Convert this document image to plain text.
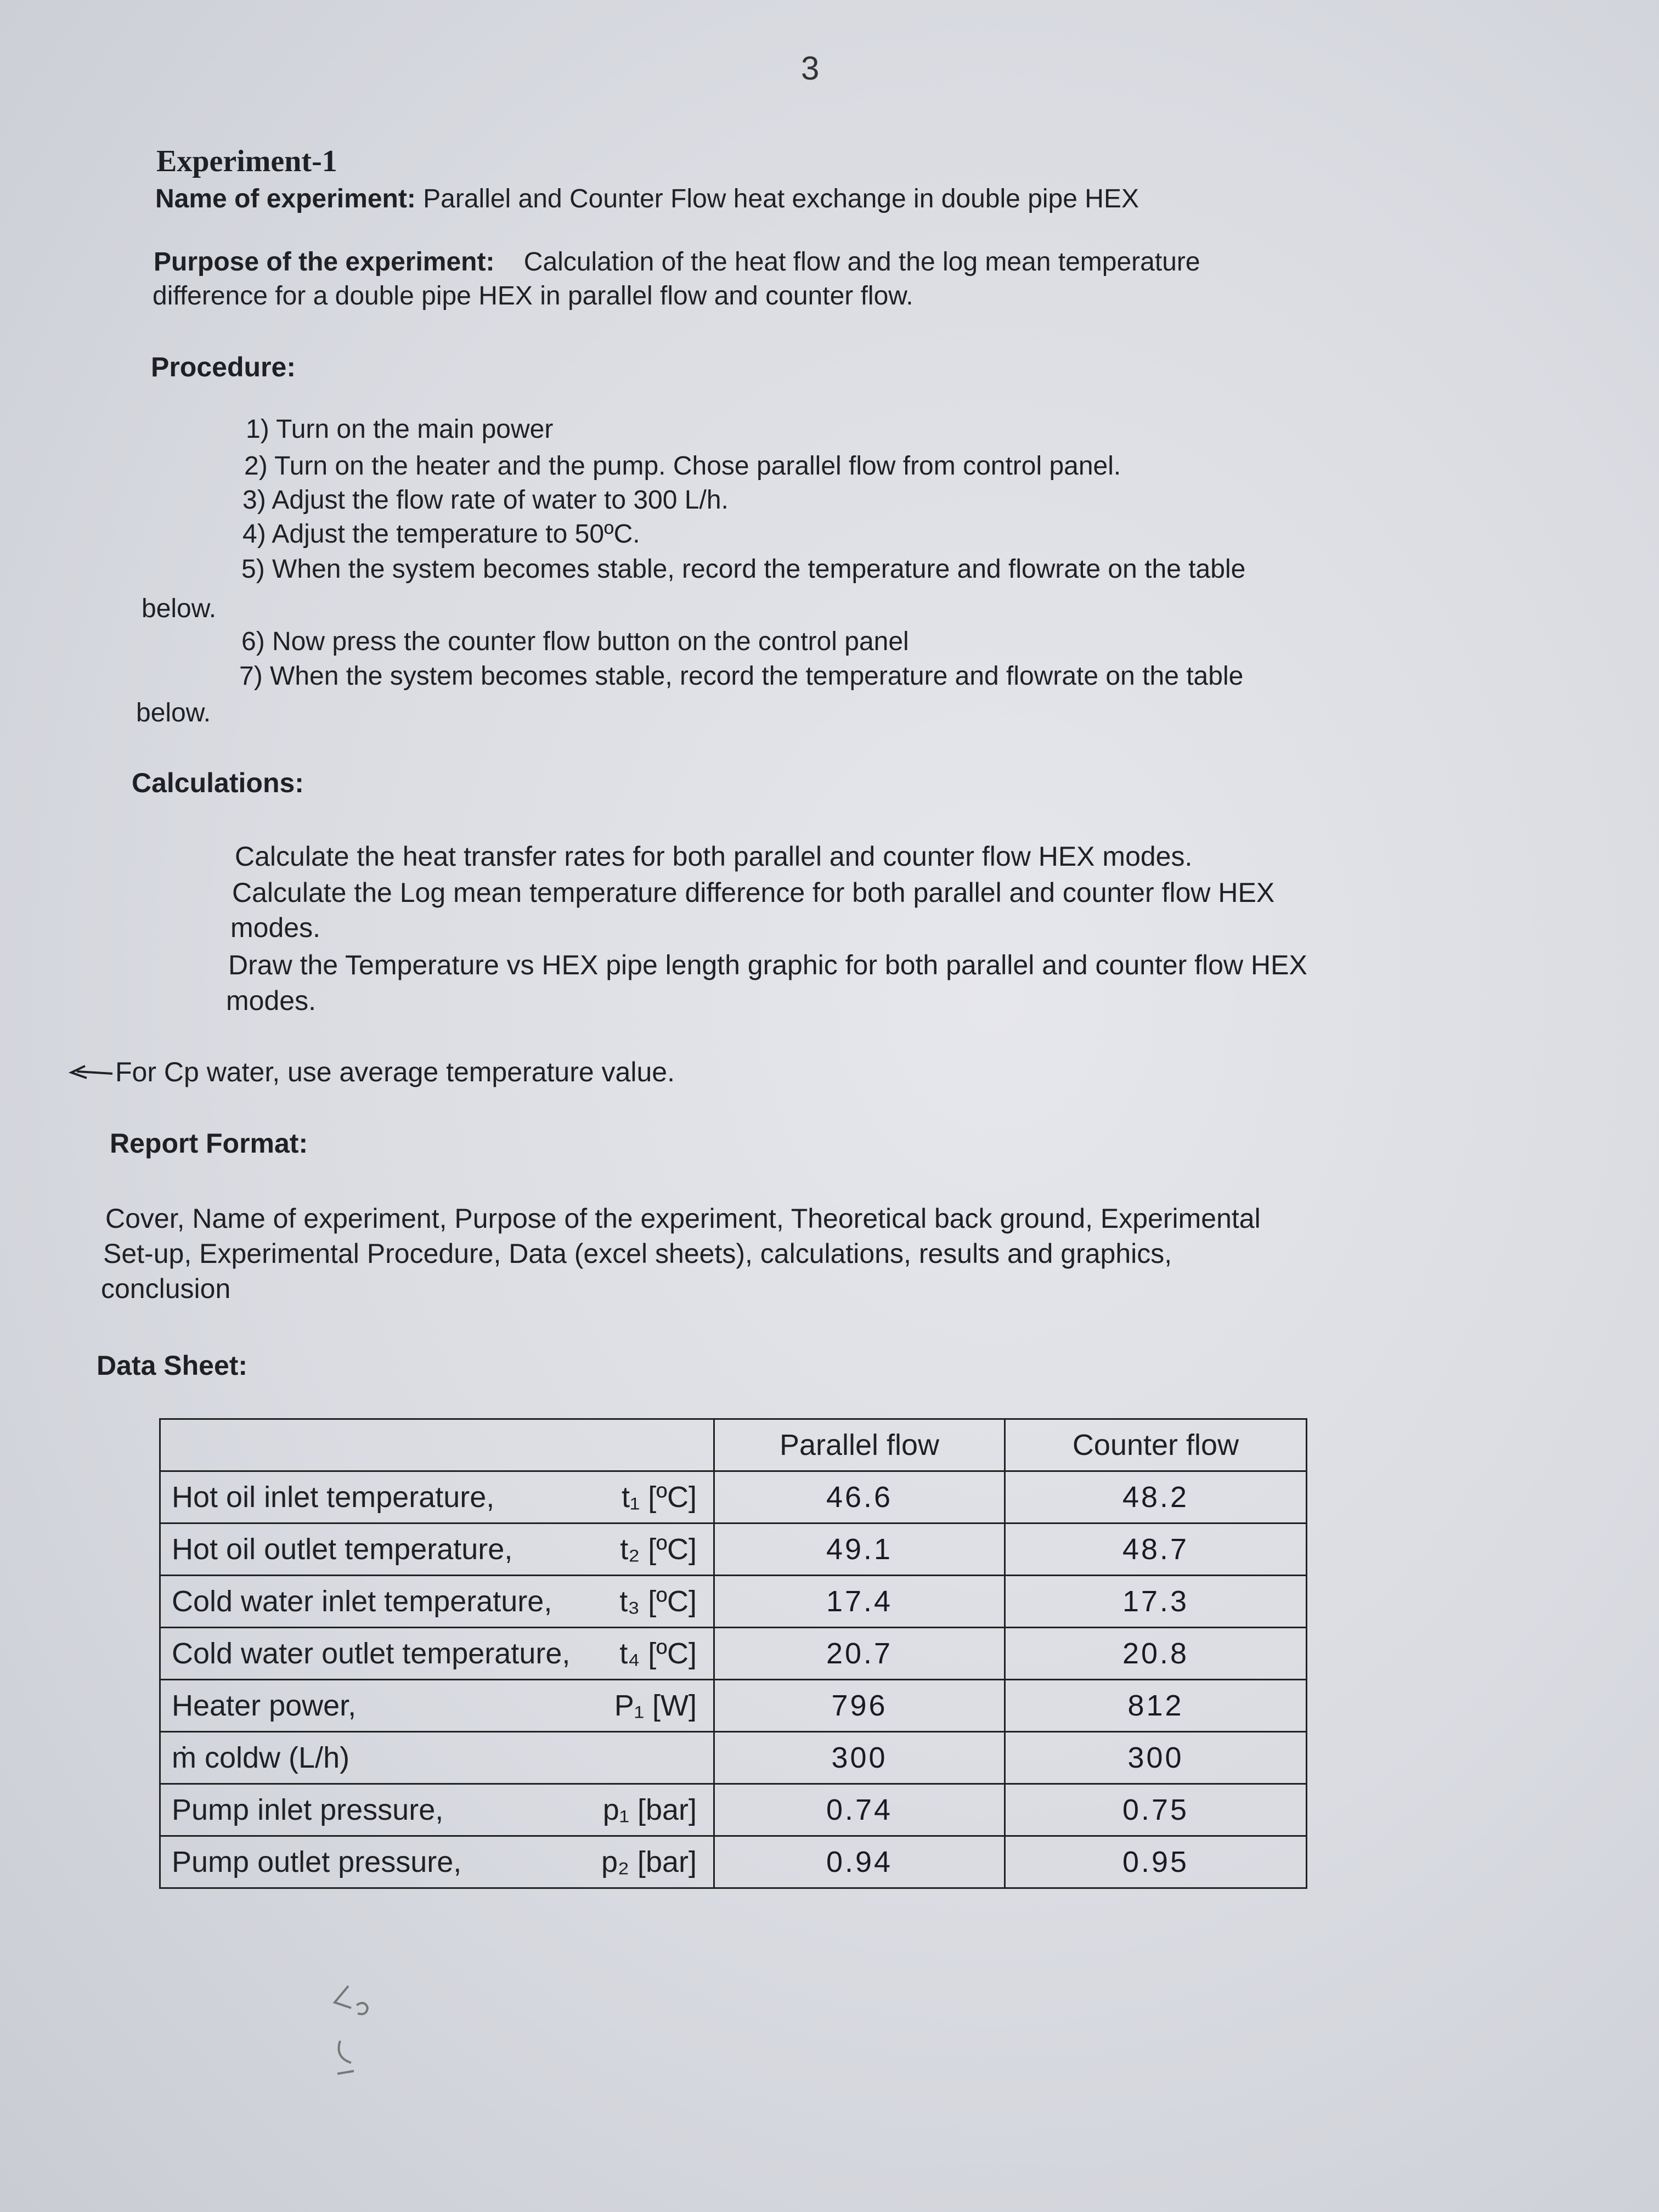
3
Experiment-1
Name of experiment: Parallel and Counter Flow heat exchange in double pipe HEX
Purpose of the experiment: Calculation of the heat flow and the log mean temperature
difference for a double pipe HEX in parallel flow and counter flow.
Procedure:
1) Turn on the main power
2) Turn on the heater and the pump. Chose parallel flow from control panel.
3) Adjust the flow rate of water to 300 L/h.
4) Adjust the temperature to 50ºC.
5) When the system becomes stable, record the temperature and flowrate on the table
below.
6) Now press the counter flow button on the control panel
7) When the system becomes stable, record the temperature and flowrate on the table
below.
Calculations:
Calculate the heat transfer rates for both parallel and counter flow HEX modes.
Calculate the Log mean temperature difference for both parallel and counter flow HEX
modes.
Draw the Temperature vs HEX pipe length graphic for both parallel and counter flow HEX
modes.
For Cp water, use average temperature value.
Report Format:
Cover, Name of experiment, Purpose of the experiment, Theoretical back ground, Experimental
Set-up, Experimental Procedure, Data (excel sheets), calculations, results and graphics,
conclusion
Data Sheet:
	Parallel flow	Counter flow

Hot oil inlet temperature, t₁ [ºC]	46.6	48.2

Hot oil outlet temperature, t₂ [ºC]	49.1	48.7

Cold water inlet temperature, t₃ [ºC]	17.4	17.3

Cold water outlet temperature, t₄ [ºC]	20.7	20.8

Heater power, P₁ [W]	796	812

ṁ coldw (L/h)	300	300

Pump inlet pressure, p₁ [bar]	0.74	0.75

Pump outlet pressure, p₂ [bar]	0.94	0.95
